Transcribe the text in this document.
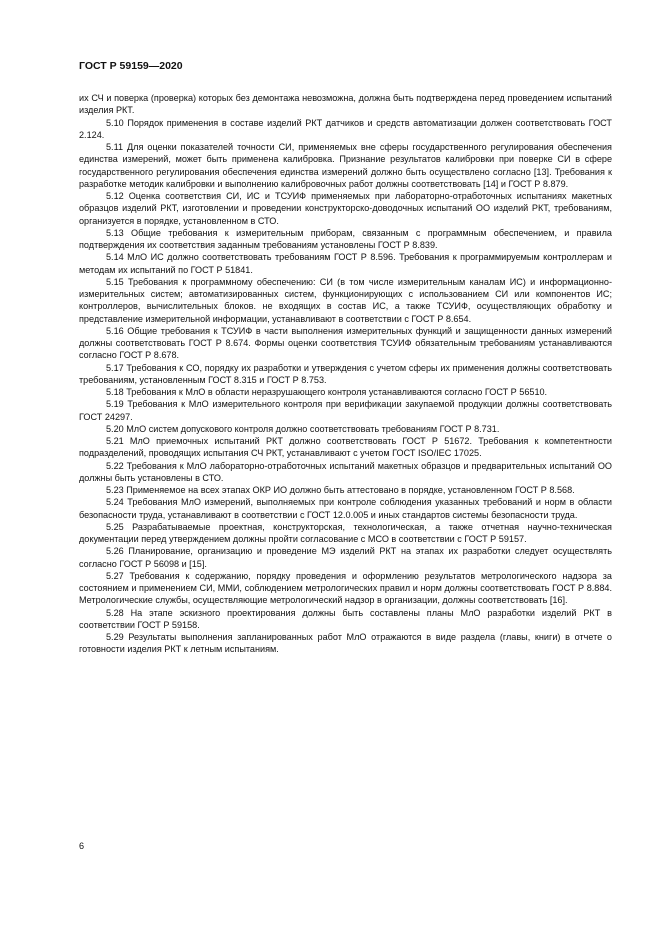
ГОСТ Р 59159—2020

их СЧ и поверка (проверка) которых без демонтажа невозможна, должна быть подтверждена перед проведением испытаний изделия РКТ.

5.10 Порядок применения в составе изделий РКТ датчиков и средств автоматизации должен соответствовать ГОСТ 2.124.

5.11 Для оценки показателей точности СИ, применяемых вне сферы государственного регулирования обеспечения единства измерений, может быть применена калибровка. Признание результатов калибровки при поверке СИ в сфере государственного регулирования обеспечения единства измерений должно быть осуществлено согласно [13]. Требования к разработке методик калибровки и выполнению калибровочных работ должны соответствовать [14] и ГОСТ Р 8.879.

5.12 Оценка соответствия СИ, ИС и ТСУИФ применяемых при лабораторно-отработочных испытаниях макетных образцов изделий РКТ, изготовлении и проведении конструкторско-доводочных испытаний ОО изделий РКТ, требованиям, организуется в порядке, установленном в СТО.

5.13 Общие требования к измерительным приборам, связанным с программным обеспечением, и правила подтверждения их соответствия заданным требованиям установлены ГОСТ Р 8.839.

5.14 МлО ИС должно соответствовать требованиям ГОСТ Р 8.596. Требования к программируемым контроллерам и методам их испытаний по ГОСТ Р 51841.

5.15 Требования к программному обеспечению: СИ (в том числе измерительным каналам ИС) и информационно-измерительных систем; автоматизированных систем, функционирующих с использованием СИ или компонентов ИС; контроллеров, вычислительных блоков. не входящих в состав ИС, а также ТСУИФ, осуществляющих обработку и представление измерительной информации, устанавливают в соответствии с ГОСТ Р 8.654.

5.16 Общие требования к ТСУИФ в части выполнения измерительных функций и защищенности данных измерений должны соответствовать ГОСТ Р 8.674. Формы оценки соответствия ТСУИФ обязательным требованиям устанавливаются согласно ГОСТ Р 8.678.

5.17 Требования к СО, порядку их разработки и утверждения с учетом сферы их применения должны соответствовать требованиям, установленным ГОСТ 8.315 и ГОСТ Р 8.753.

5.18 Требования к МлО в области неразрушающего контроля устанавливаются согласно ГОСТ Р 56510.

5.19 Требования к МлО измерительного контроля при верификации закупаемой продукции должны соответствовать ГОСТ 24297.

5.20 МлО систем допускового контроля должно соответствовать требованиям ГОСТ Р 8.731.

5.21 МлО приемочных испытаний РКТ должно соответствовать ГОСТ Р 51672. Требования к компетентности подразделений, проводящих испытания СЧ РКТ, устанавливают с учетом ГОСТ ISO/IEC 17025.

5.22 Требования к МлО лабораторно-отработочных испытаний макетных образцов и предварительных испытаний ОО должны быть установлены в СТО.

5.23 Применяемое на всех этапах ОКР ИО должно быть аттестовано в порядке, установленном ГОСТ Р 8.568.

5.24 Требования МлО измерений, выполняемых при контроле соблюдения указанных требований и норм в области безопасности труда, устанавливают в соответствии с ГОСТ 12.0.005 и иных стандартов системы безопасности труда.

5.25 Разрабатываемые проектная, конструкторская, технологическая, а также отчетная научно-техническая документации перед утверждением должны пройти согласование с МСО в соответствии с ГОСТ Р 59157.

5.26 Планирование, организацию и проведение МЭ изделий РКТ на этапах их разработки следует осуществлять согласно ГОСТ Р 56098 и [15].

5.27 Требования к содержанию, порядку проведения и оформлению результатов метрологического надзора за состоянием и применением СИ, ММИ, соблюдением метрологических правил и норм должны соответствовать ГОСТ Р 8.884. Метрологические службы, осуществляющие метрологический надзор в организации, должны соответствовать [16].

5.28 На этапе эскизного проектирования должны быть составлены планы МлО разработки изделий РКТ в соответствии ГОСТ Р 59158.

5.29 Результаты выполнения запланированных работ МлО отражаются в виде раздела (главы, книги) в отчете о готовности изделия РКТ к летным испытаниям.

6
